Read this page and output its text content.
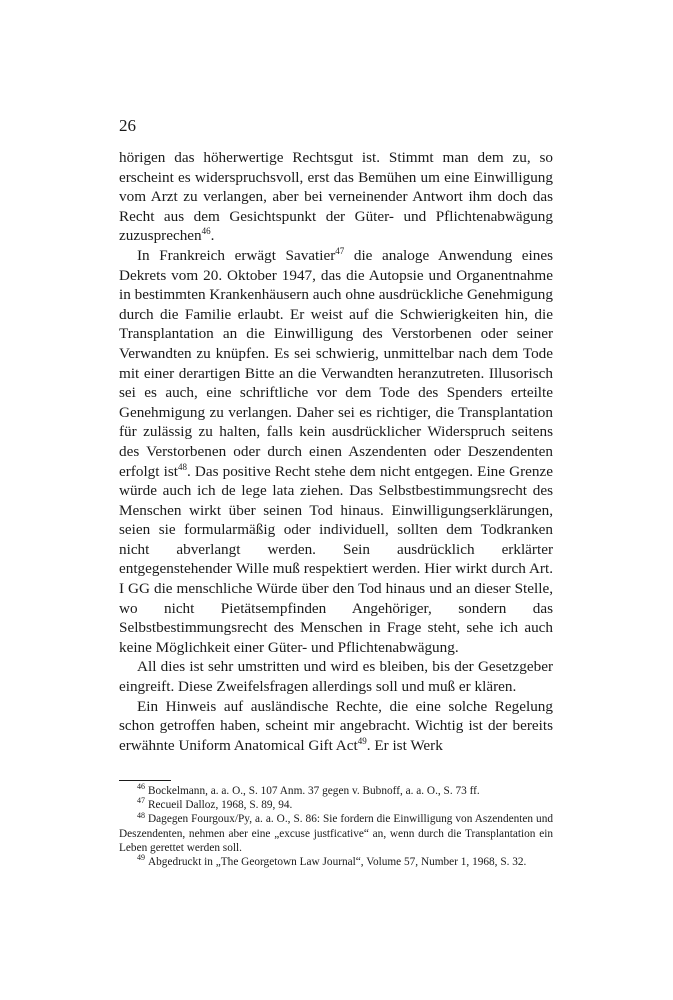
26

hörigen das höherwertige Rechtsgut ist. Stimmt man dem zu, so erscheint es widerspruchsvoll, erst das Bemühen um eine Einwilligung vom Arzt zu verlangen, aber bei verneinender Antwort ihm doch das Recht aus dem Gesichtspunkt der Güter- und Pflichtenabwägung zuzusprechen$^{46}$.

In Frankreich erwägt Savatier$^{47}$ die analoge Anwendung eines Dekrets vom 20. Oktober 1947, das die Autopsie und Organentnahme in bestimmten Krankenhäusern auch ohne ausdrückliche Genehmigung durch die Familie erlaubt. Er weist auf die Schwierigkeiten hin, die Transplantation an die Einwilligung des Verstorbenen oder seiner Verwandten zu knüpfen. Es sei schwierig, unmittelbar nach dem Tode mit einer derartigen Bitte an die Verwandten heranzutreten. Illusorisch sei es auch, eine schriftliche vor dem Tode des Spenders erteilte Genehmigung zu verlangen. Daher sei es richtiger, die Transplantation für zulässig zu halten, falls kein ausdrücklicher Widerspruch seitens des Verstorbenen oder durch einen Aszendenten oder Deszendenten erfolgt ist$^{48}$. Das positive Recht stehe dem nicht entgegen. Eine Grenze würde auch ich de lege lata ziehen. Das Selbstbestimmungsrecht des Menschen wirkt über seinen Tod hinaus. Einwilligungserklärungen, seien sie formularmäßig oder individuell, sollten dem Todkranken nicht abverlangt werden. Sein ausdrücklich erklärter entgegenstehender Wille muß respektiert werden. Hier wirkt durch Art. I GG die menschliche Würde über den Tod hinaus und an dieser Stelle, wo nicht Pietätsempfinden Angehöriger, sondern das Selbstbestimmungsrecht des Menschen in Frage steht, sehe ich auch keine Möglichkeit einer Güter- und Pflichtenabwägung.

All dies ist sehr umstritten und wird es bleiben, bis der Gesetzgeber eingreift. Diese Zweifelsfragen allerdings soll und muß er klären.

Ein Hinweis auf ausländische Rechte, die eine solche Regelung schon getroffen haben, scheint mir angebracht. Wichtig ist der bereits erwähnte Uniform Anatomical Gift Act$^{49}$. Er ist Werk

$^{46}$ Bockelmann, a. a. O., S. 107 Anm. 37 gegen v. Bubnoff, a. a. O., S. 73 ff.

$^{47}$ Recueil Dalloz, 1968, S. 89, 94.

$^{48}$ Dagegen Fourgoux/Py, a. a. O., S. 86: Sie fordern die Einwilligung von Aszendenten und Deszendenten, nehmen aber eine „excuse justficative“ an, wenn durch die Transplantation ein Leben gerettet werden soll.

$^{49}$ Abgedruckt in „The Georgetown Law Journal“, Volume 57, Number 1, 1968, S. 32.
